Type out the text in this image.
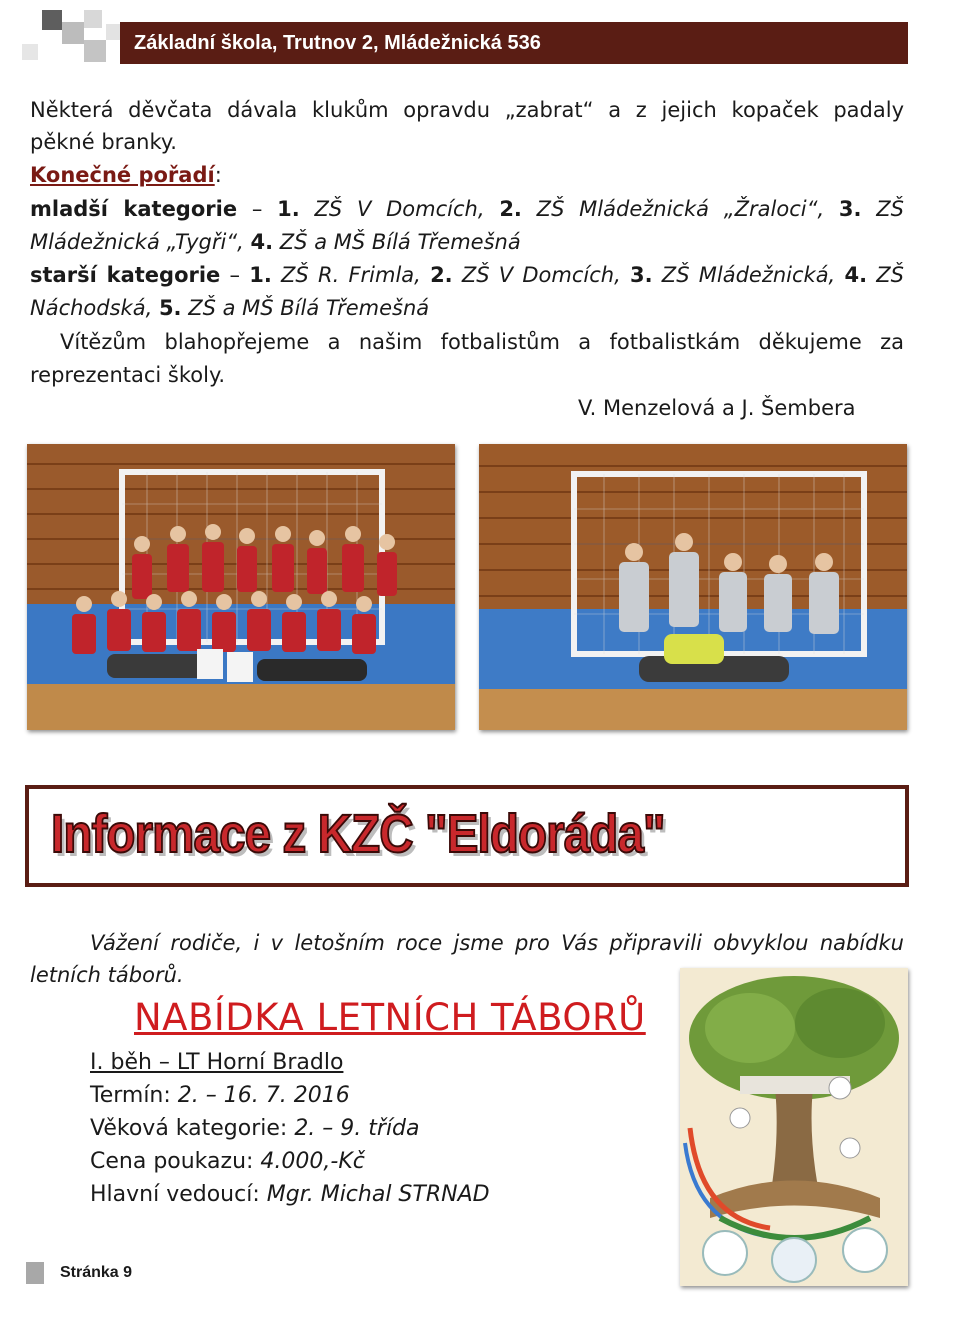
Základní škola, Trutnov 2, Mládežnická 536
Některá děvčata dávala klukům opravdu „zabrat“ a z jejich kopaček padaly
pěkné branky.
Konečné pořadí:
mladší kategorie – 1. ZŠ V Domcích, 2. ZŠ Mládežnická „Žraloci“, 3. ZŠ
Mládežnická „Tygři“, 4. ZŠ a MŠ Bílá Třemešná
starší kategorie – 1. ZŠ R. Frimla, 2. ZŠ V Domcích, 3. ZŠ Mládežnická, 4. ZŠ
Náchodská, 5. ZŠ a MŠ Bílá Třemešná
Vítězům blahopřejeme a našim fotbalistům a fotbalistkám děkujeme za
reprezentaci školy.
V. Menzelová a J. Šembera
Informace z KZČ "Eldoráda"
Vážení rodiče, i v letošním roce jsme pro Vás připravili obvyklou nabídku
letních táborů.
NABÍDKA LETNÍCH TÁBORŮ
I. běh – LT Horní Bradlo
Termín: 2. – 16. 7. 2016
Věková kategorie: 2. – 9. třída
Cena poukazu: 4.000,-Kč
Hlavní vedoucí: Mgr. Michal STRNAD
Stránka 9
